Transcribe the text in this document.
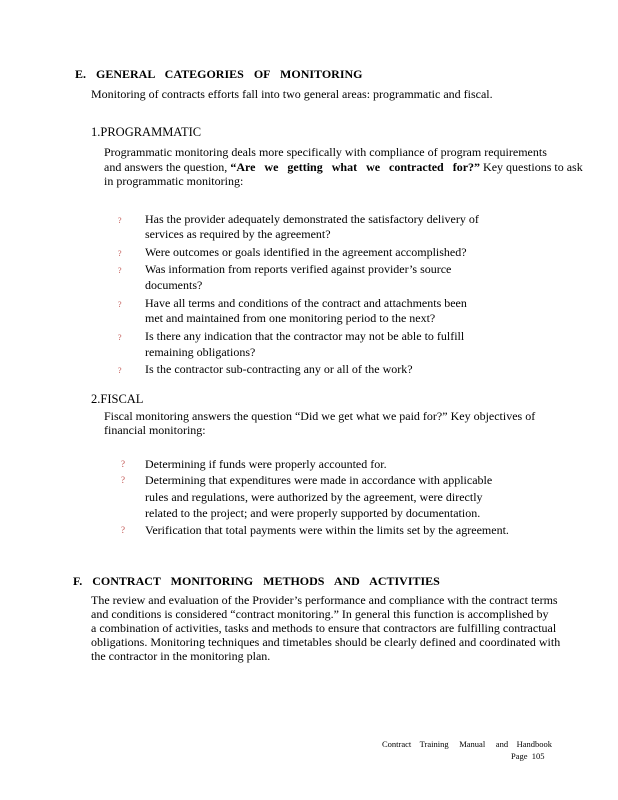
E. GENERAL CATEGORIES OF MONITORING
Monitoring of contracts efforts fall into two general areas: programmatic and fiscal.
1.PROGRAMMATIC
Programmatic monitoring deals more specifically with compliance of program requirements
and answers the question, “Are we getting what we contracted for?” Key questions to ask
in programmatic monitoring:
? Has the provider adequately demonstrated the satisfactory delivery of
services as required by the agreement?
? Were outcomes or goals identified in the agreement accomplished?
? Was information from reports verified against provider’s source
documents?
? Have all terms and conditions of the contract and attachments been
met and maintained from one monitoring period to the next?
? Is there any indication that the contractor may not be able to fulfill
remaining obligations?
? Is the contractor sub-contracting any or all of the work?
2.FISCAL
Fiscal monitoring answers the question “Did we get what we paid for?” Key objectives of
financial monitoring:
? Determining if funds were properly accounted for.
? Determining that expenditures were made in accordance with applicable
rules and regulations, were authorized by the agreement, were directly
related to the project; and were properly supported by documentation.
? Verification that total payments were within the limits set by the agreement.
F. CONTRACT MONITORING METHODS AND ACTIVITIES
The review and evaluation of the Provider’s performance and compliance with the contract terms
and conditions is considered “contract monitoring.” In general this function is accomplished by
a combination of activities, tasks and methods to ensure that contractors are fulfilling contractual
obligations. Monitoring techniques and timetables should be clearly defined and coordinated with
the contractor in the monitoring plan.
Contract    Training     Manual     and    Handbook
Page  105
